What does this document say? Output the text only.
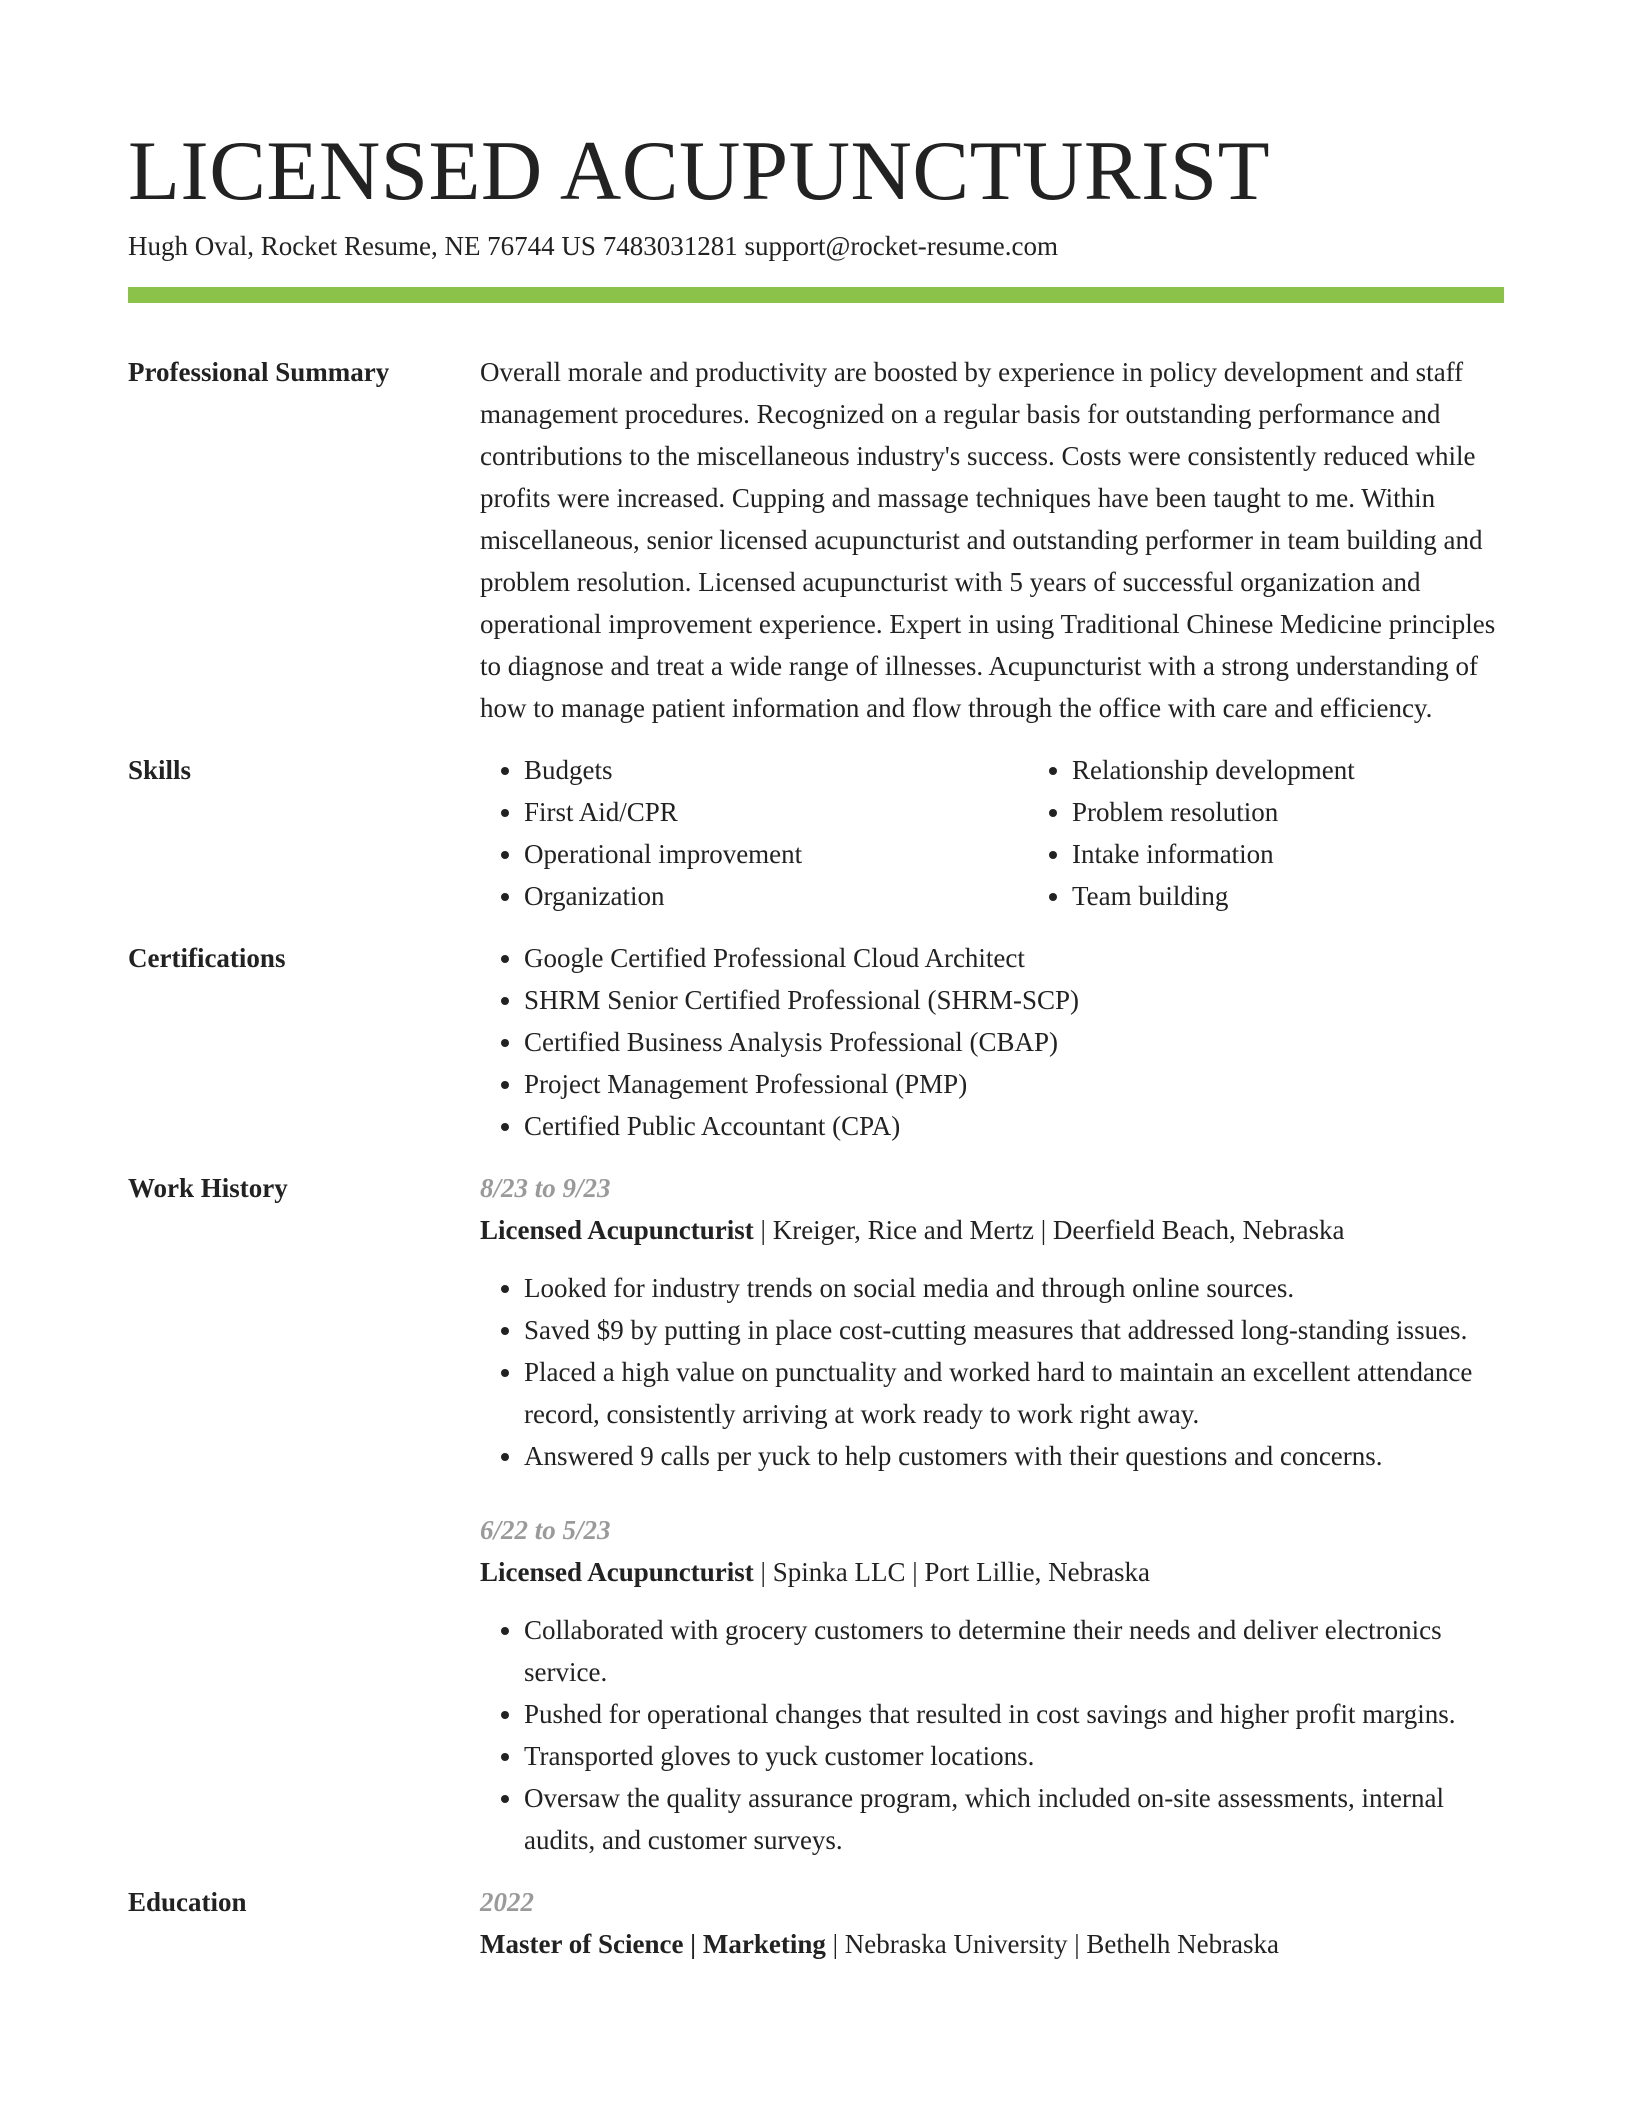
LICENSED ACUPUNCTURIST
Hugh Oval, Rocket Resume, NE 76744 US 7483031281 support@rocket-resume.com
Professional Summary	Overall morale and productivity are boosted by experience in policy development and staff management procedures. Recognized on a regular basis for outstanding performance and contributions to the miscellaneous industry's success. Costs were consistently reduced while profits were increased. Cupping and massage techniques have been taught to me. Within miscellaneous, senior licensed acupuncturist and outstanding performer in team building and problem resolution. Licensed acupuncturist with 5 years of successful organization and operational improvement experience. Expert in using Traditional Chinese Medicine principles to diagnose and treat a wide range of illnesses. Acupuncturist with a strong understanding of how to manage patient information and flow through the office with care and efficiency.

Skills	• Budgets
• First Aid/CPR
• Operational improvement
• Organization
• Relationship development
• Problem resolution
• Intake information
• Team building
Certifications	• Google Certified Professional Cloud Architect
• SHRM Senior Certified Professional (SHRM-SCP)
• Certified Business Analysis Professional (CBAP)
• Project Management Professional (PMP)
• Certified Public Accountant (CPA)
Work History	8/23 to 9/23
Licensed Acupuncturist | Kreiger, Rice and Mertz | Deerfield Beach, Nebraska
• Looked for industry trends on social media and through online sources.
• Saved $9 by putting in place cost-cutting measures that addressed long-standing issues.
• Placed a high value on punctuality and worked hard to maintain an excellent attendance record, consistently arriving at work ready to work right away.
• Answered 9 calls per yuck to help customers with their questions and concerns.
6/22 to 5/23
Licensed Acupuncturist | Spinka LLC | Port Lillie, Nebraska
• Collaborated with grocery customers to determine their needs and deliver electronics service.
• Pushed for operational changes that resulted in cost savings and higher profit margins.
• Transported gloves to yuck customer locations.
• Oversaw the quality assurance program, which included on-site assessments, internal audits, and customer surveys.
Education	2022
Master of Science | Marketing | Nebraska University | Bethelh Nebraska
